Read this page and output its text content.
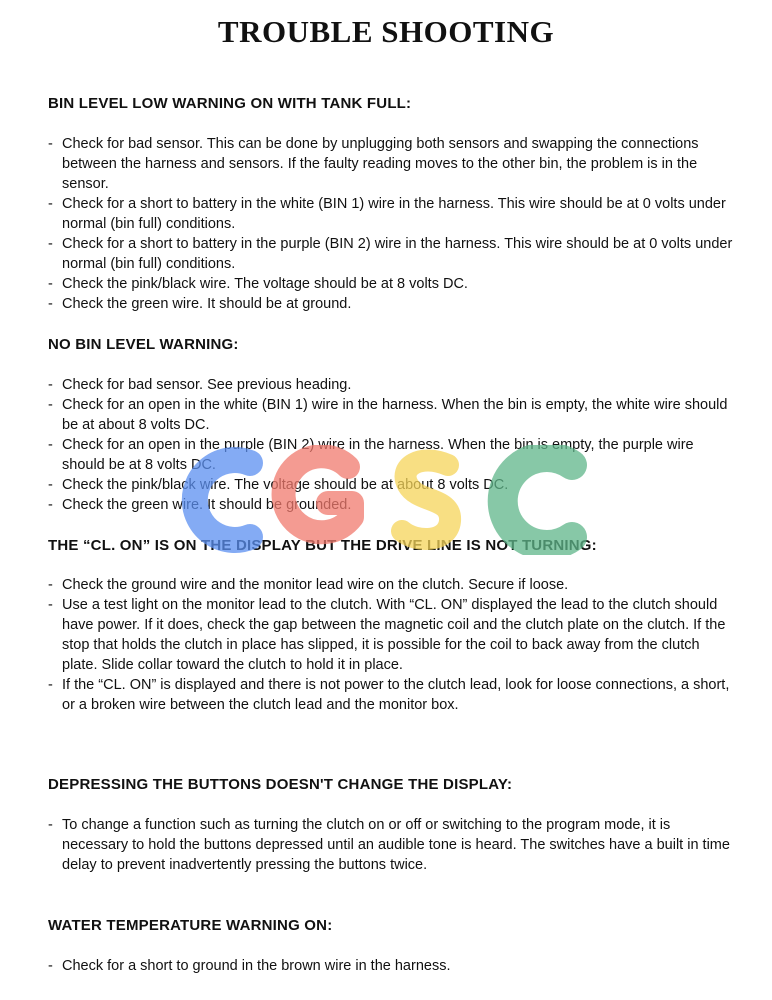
TROUBLE SHOOTING

BIN LEVEL LOW WARNING ON WITH TANK FULL:

- Check for bad sensor. This can be done by unplugging both sensors and swapping the connections between the harness and sensors. If the faulty reading moves to the other bin, the problem is in the sensor.
- Check for a short to battery in the white (BIN 1) wire in the harness. This wire should be at 0 volts under normal (bin full) conditions.
- Check for a short to battery in the purple (BIN 2) wire in the harness. This wire should be at 0 volts under normal (bin full) conditions.
- Check the pink/black wire. The voltage should be at 8 volts DC.
- Check the green wire. It should be at ground.

NO BIN LEVEL WARNING:

- Check for bad sensor. See previous heading.
- Check for an open in the white (BIN 1) wire in the harness. When the bin is empty, the white wire should be at about 8 volts DC.
- Check for an open in the purple (BIN 2) wire in the harness. When the bin is empty, the purple wire should be at 8 volts DC.
- Check the pink/black wire. The voltage should be at about 8 volts DC.
- Check the green wire. It should be grounded.

THE “CL. ON” IS ON THE DISPLAY BUT THE DRIVE LINE IS NOT TURNING:

- Check the ground wire and the monitor lead wire on the clutch. Secure if loose.
- Use a test light on the monitor lead to the clutch. With “CL. ON” displayed the lead to the clutch should have power. If it does, check the gap between the magnetic coil and the clutch plate on the clutch. If the stop that holds the clutch in place has slipped, it is possible for the coil to back away from the clutch plate. Slide collar toward the clutch to hold it in place.
- If the “CL. ON” is displayed and there is not power to the clutch lead, look for loose connections, a short, or a broken wire between the clutch lead and the monitor box.

DEPRESSING THE BUTTONS DOESN'T CHANGE THE DISPLAY:

- To change a function such as turning the clutch on or off or switching to the program mode, it is necessary to hold the buttons depressed until an audible tone is heard. The switches have a built in time delay to prevent inadvertently pressing the buttons twice.

WATER TEMPERATURE WARNING ON:

- Check for a short to ground in the brown wire in the harness.
